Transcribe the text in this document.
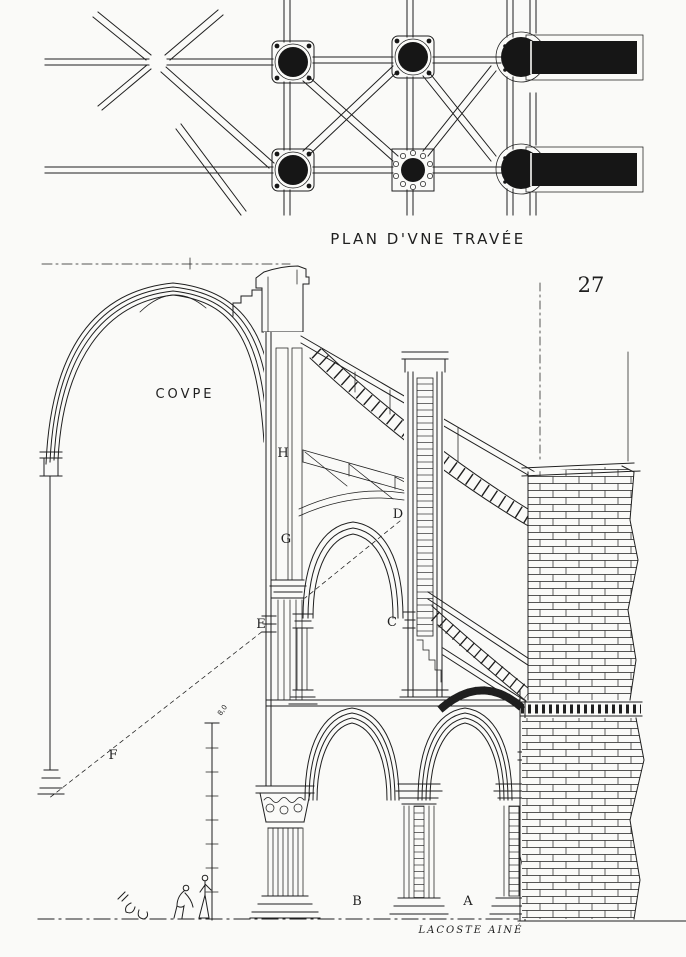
PLAN D'VNE TRAVÉE
27
8,0
COVPE
H
G
E
D
C
F
B	A
LACOSTE AINÉ
